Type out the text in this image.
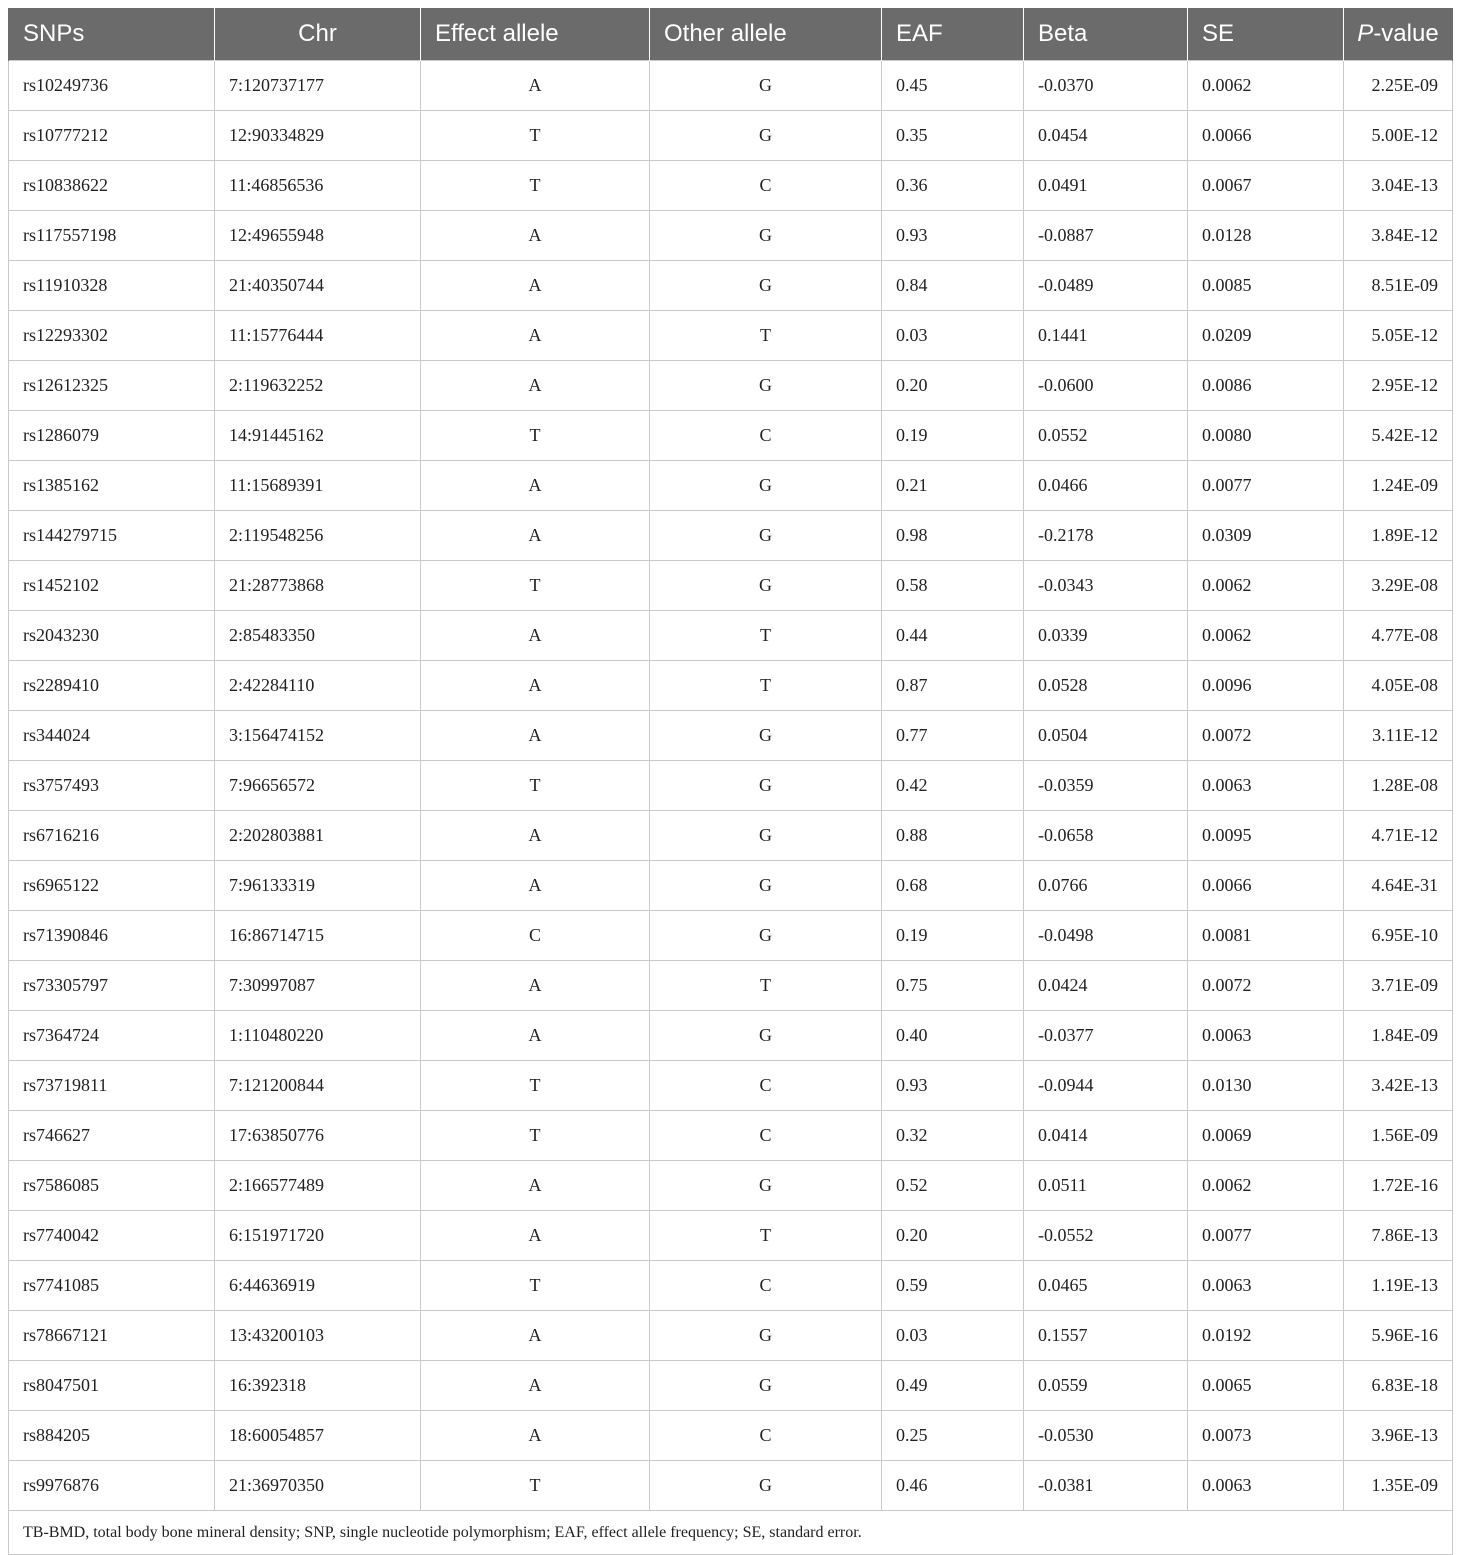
SNPs	Chr	Effect allele	Other allele	EAF	Beta	SE	P-value
rs10249736	7:120737177	A	G	0.45	-0.0370	0.0062	2.25E-09
rs10777212	12:90334829	T	G	0.35	0.0454	0.0066	5.00E-12
rs10838622	11:46856536	T	C	0.36	0.0491	0.0067	3.04E-13
rs117557198	12:49655948	A	G	0.93	-0.0887	0.0128	3.84E-12
rs11910328	21:40350744	A	G	0.84	-0.0489	0.0085	8.51E-09
rs12293302	11:15776444	A	T	0.03	0.1441	0.0209	5.05E-12
rs12612325	2:119632252	A	G	0.20	-0.0600	0.0086	2.95E-12
rs1286079	14:91445162	T	C	0.19	0.0552	0.0080	5.42E-12
rs1385162	11:15689391	A	G	0.21	0.0466	0.0077	1.24E-09
rs144279715	2:119548256	A	G	0.98	-0.2178	0.0309	1.89E-12
rs1452102	21:28773868	T	G	0.58	-0.0343	0.0062	3.29E-08
rs2043230	2:85483350	A	T	0.44	0.0339	0.0062	4.77E-08
rs2289410	2:42284110	A	T	0.87	0.0528	0.0096	4.05E-08
rs344024	3:156474152	A	G	0.77	0.0504	0.0072	3.11E-12
rs3757493	7:96656572	T	G	0.42	-0.0359	0.0063	1.28E-08
rs6716216	2:202803881	A	G	0.88	-0.0658	0.0095	4.71E-12
rs6965122	7:96133319	A	G	0.68	0.0766	0.0066	4.64E-31
rs71390846	16:86714715	C	G	0.19	-0.0498	0.0081	6.95E-10
rs73305797	7:30997087	A	T	0.75	0.0424	0.0072	3.71E-09
rs7364724	1:110480220	A	G	0.40	-0.0377	0.0063	1.84E-09
rs73719811	7:121200844	T	C	0.93	-0.0944	0.0130	3.42E-13
rs746627	17:63850776	T	C	0.32	0.0414	0.0069	1.56E-09
rs7586085	2:166577489	A	G	0.52	0.0511	0.0062	1.72E-16
rs7740042	6:151971720	A	T	0.20	-0.0552	0.0077	7.86E-13
rs7741085	6:44636919	T	C	0.59	0.0465	0.0063	1.19E-13
rs78667121	13:43200103	A	G	0.03	0.1557	0.0192	5.96E-16
rs8047501	16:392318	A	G	0.49	0.0559	0.0065	6.83E-18
rs884205	18:60054857	A	C	0.25	-0.0530	0.0073	3.96E-13
rs9976876	21:36970350	T	G	0.46	-0.0381	0.0063	1.35E-09
TB-BMD, total body bone mineral density; SNP, single nucleotide polymorphism; EAF, effect allele frequency; SE, standard error.							
